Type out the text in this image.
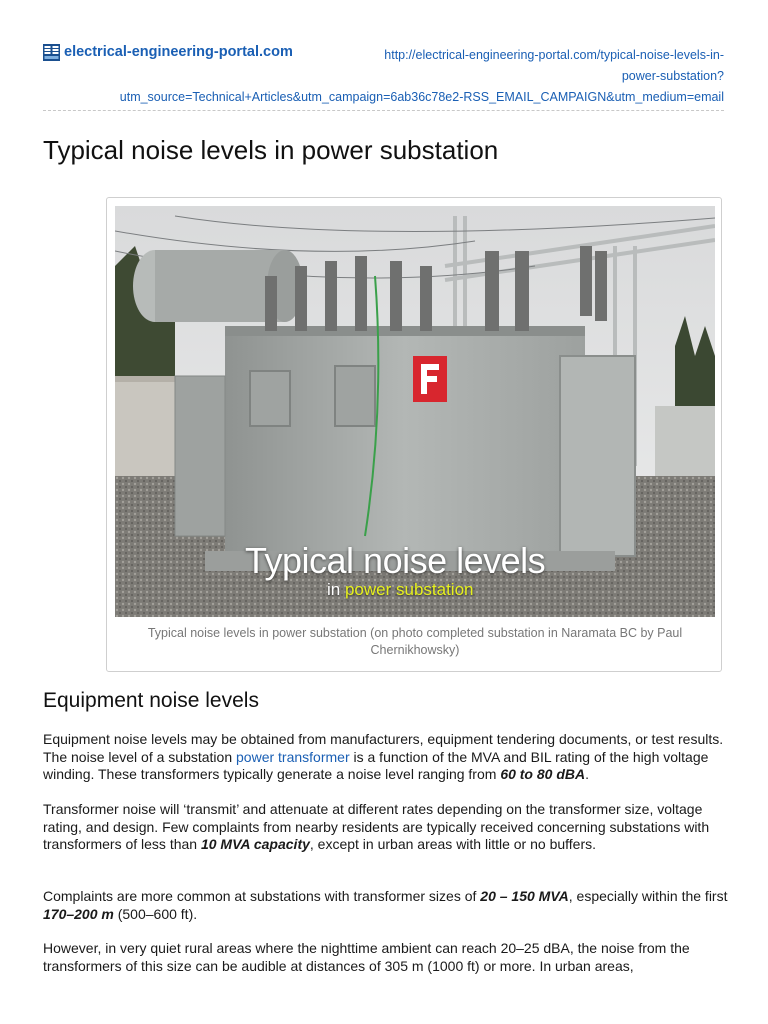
electrical-engineering-portal.com	http://electrical-engineering-portal.com/typical-noise-levels-in-
power-substation?
utm_source=Technical+Articles&utm_campaign=6ab36c78e2-RSS_EMAIL_CAMPAIGN&utm_medium=email
Typical noise levels in power substation
Typical noise levels
in power substation
Typical noise levels in power substation (on photo completed substation in Naramata BC by Paul Chernikhowsky)
Equipment noise levels

Equipment noise levels may be obtained from manufacturers, equipment tendering documents, or test results. The noise level of a substation power transformer is a function of the MVA and BIL rating of the high voltage winding. These transformers typically generate a noise level ranging from 60 to 80 dBA.

Transformer noise will ‘transmit’ and attenuate at different rates depending on the transformer size, voltage rating, and design. Few complaints from nearby residents are typically received concerning substations with transformers of less than 10 MVA capacity, except in urban areas with little or no buffers.

Complaints are more common at substations with transformer sizes of 20 – 150 MVA, especially within the first 170–200 m (500–600 ft).

However, in very quiet rural areas where the nighttime ambient can reach 20–25 dBA, the noise from the transformers of this size can be audible at distances of 305 m (1000 ft) or more. In urban areas,
